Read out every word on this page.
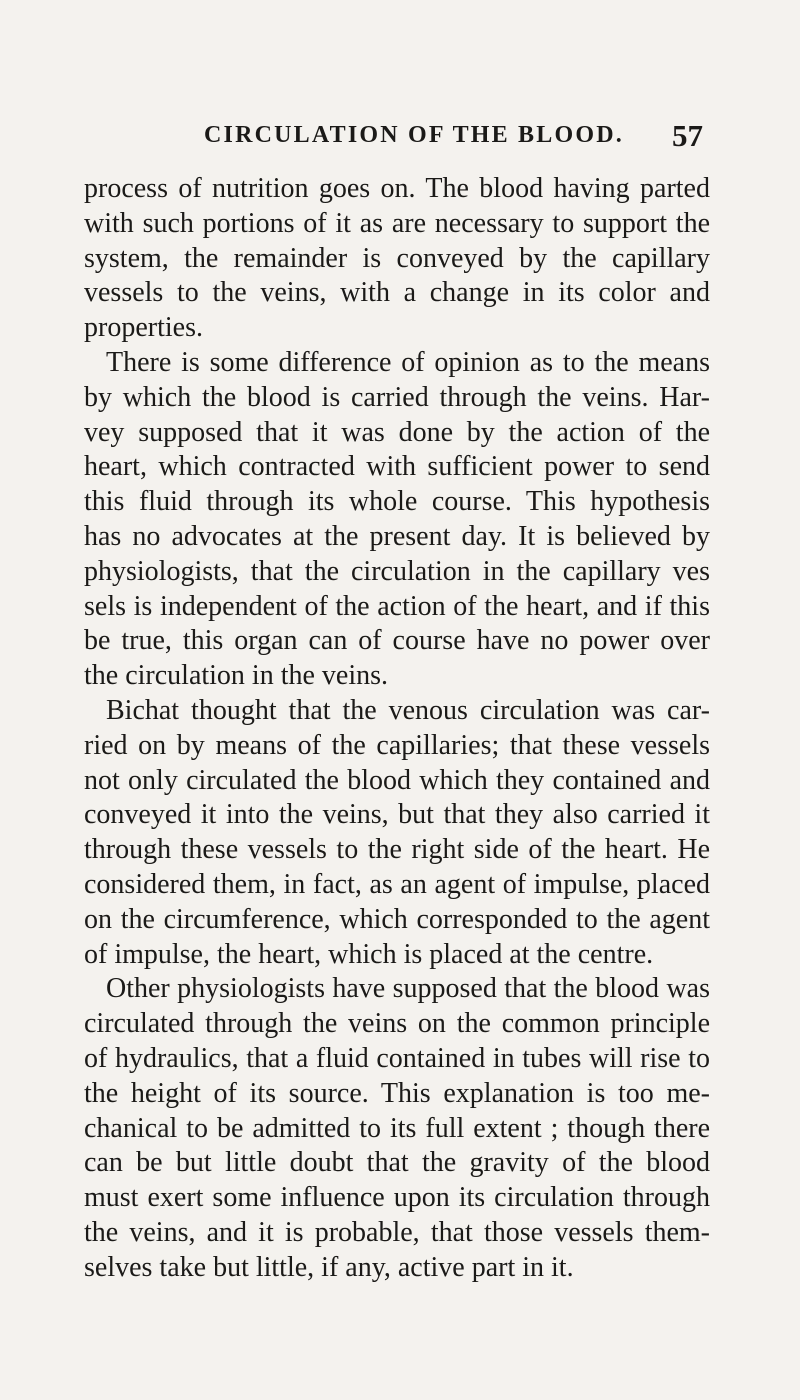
CIRCULATION OF THE BLOOD. 57
process of nutrition goes on. The blood having parted
with such portions of it as are necessary to support the
system, the remainder is conveyed by the capillary
vessels to the veins, with a change in its color and
properties.
There is some difference of opinion as to the means
by which the blood is carried through the veins. Har-
vey supposed that it was done by the action of the
heart, which contracted with sufficient power to send
this fluid through its whole course. This hypothesis
has no advocates at the present day. It is believed by
physiologists, that the circulation in the capillary ves
sels is independent of the action of the heart, and if this
be true, this organ can of course have no power over
the circulation in the veins.
Bichat thought that the venous circulation was car-
ried on by means of the capillaries; that these vessels
not only circulated the blood which they contained and
conveyed it into the veins, but that they also carried it
through these vessels to the right side of the heart. He
considered them, in fact, as an agent of impulse, placed
on the circumference, which corresponded to the agent
of impulse, the heart, which is placed at the centre.
Other physiologists have supposed that the blood was
circulated through the veins on the common principle
of hydraulics, that a fluid contained in tubes will rise to
the height of its source. This explanation is too me-
chanical to be admitted to its full extent ; though there
can be but little doubt that the gravity of the blood
must exert some influence upon its circulation through
the veins, and it is probable, that those vessels them-
selves take but little, if any, active part in it.
